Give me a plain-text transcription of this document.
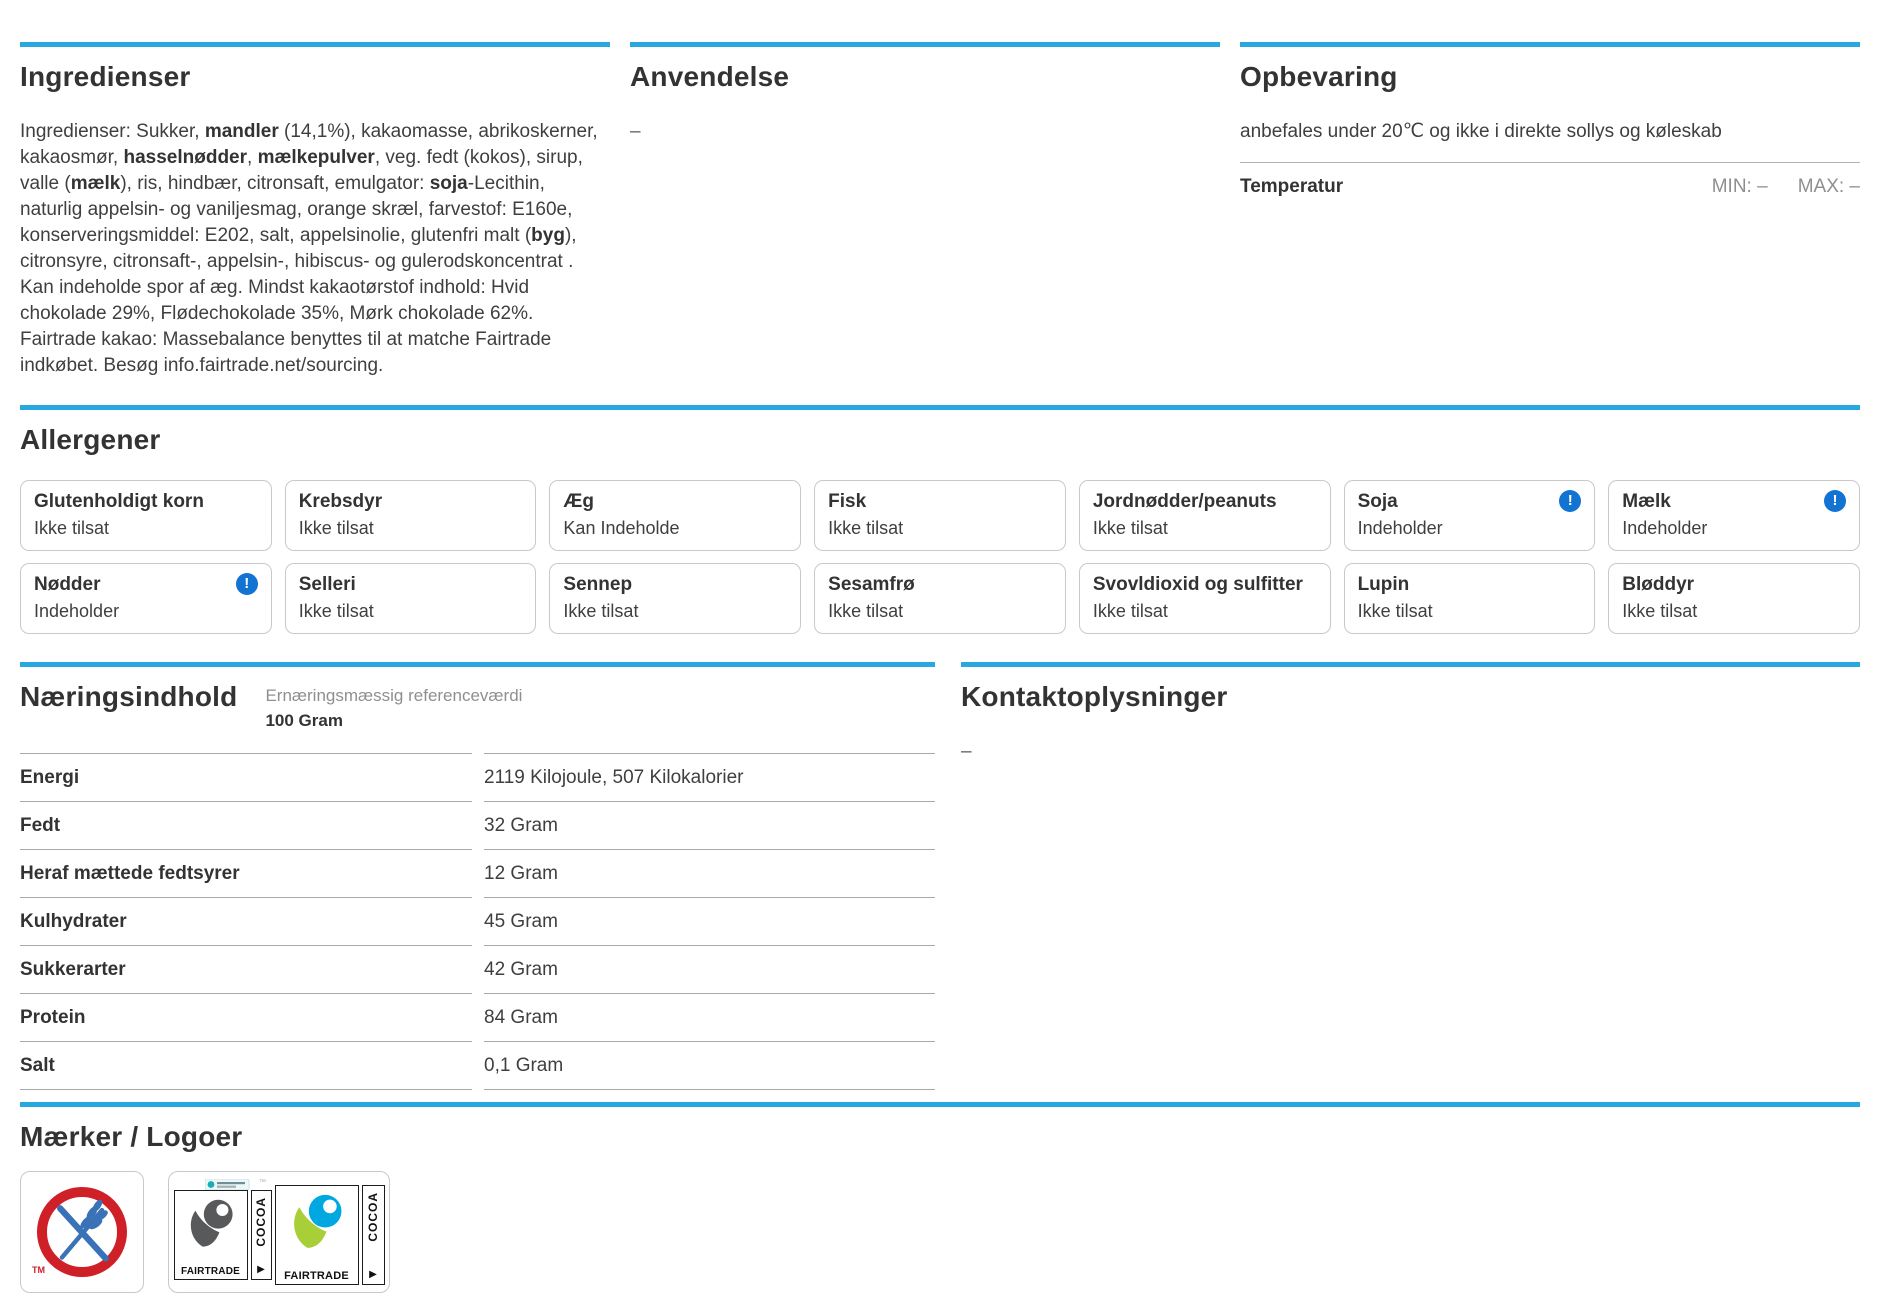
Ingredienser

Ingredienser: Sukker, mandler (14,1%), kakaomasse, abrikoskerner, kakaosmør, hasselnødder, mælkepulver, veg. fedt (kokos), sirup, valle (mælk), ris, hindbær, citronsaft, emulgator: soja-Lecithin, naturlig appelsin- og vaniljesmag, orange skræl, farvestof: E160e, konserveringsmiddel: E202, salt, appelsinolie, glutenfri malt (byg), citronsyre, citronsaft-, appelsin-, hibiscus- og gulerodskoncentrat . Kan indeholde spor af æg. Mindst kakaotørstof indhold: Hvid chokolade 29%, Flødechokolade 35%, Mørk chokolade 62%. Fairtrade kakao: Massebalance benyttes til at matche Fairtrade indkøbet. Besøg info.fairtrade.net/sourcing.

Anvendelse

–

Opbevaring

anbefales under 20℃ og ikke i direkte sollys og køleskab

Temperatur	MIN: – MAX: –
Allergener
Glutenholdigt korn
Ikke tilsat
Krebsdyr
Ikke tilsat
Æg
Kan Indeholde
Fisk
Ikke tilsat
Jordnødder/peanuts
Ikke tilsat
Soja	!
Indeholder
Mælk	!
Indeholder
Nødder	!
Indeholder
Selleri
Ikke tilsat
Sennep
Ikke tilsat
Sesamfrø
Ikke tilsat
Svovldioxid og sulfitter
Ikke tilsat
Lupin
Ikke tilsat
Bløddyr
Ikke tilsat
Næringsindhold Ernæringsmæssig referenceværdi
100 Gram
Energi	2119 Kilojoule, 507 Kilokalorier
Fedt	32 Gram
Heraf mættede fedtsyrer	12 Gram
Kulhydrater	45 Gram
Sukkerarter	42 Gram
Protein	84 Gram
Salt	0,1 Gram
Kontaktoplysninger

–

Mærker / Logoer
TM
™
FAIRTRADE
COCOA
▶
FAIRTRADE
COCOA
▶
